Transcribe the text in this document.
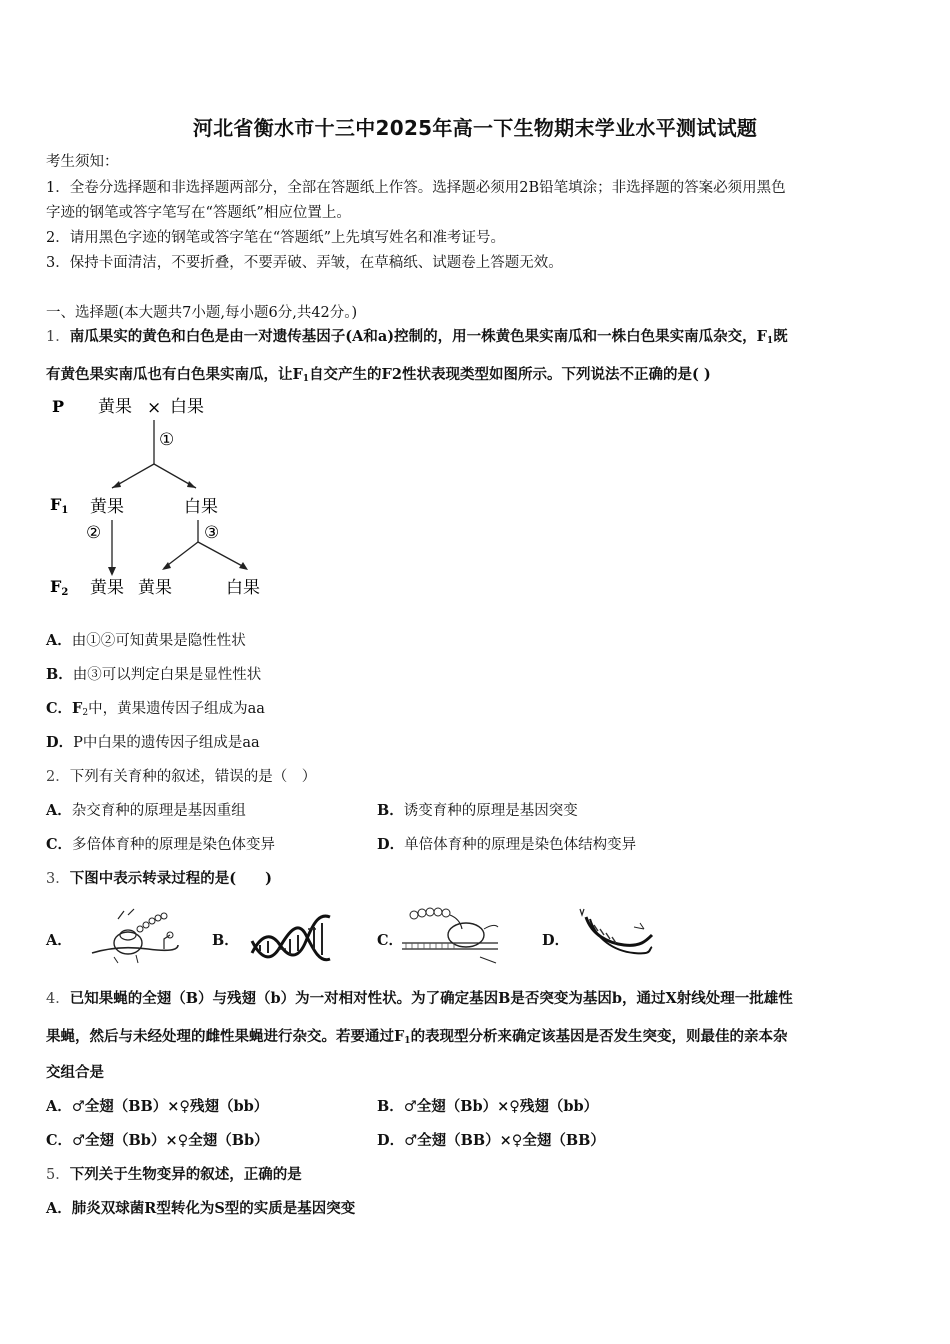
河北省衡水市十三中2025年高一下生物期末学业水平测试试题
考生须知：
1．全卷分选择题和非选择题两部分，全部在答题纸上作答。选择题必须用2B铅笔填涂；非选择题的答案必须用黑色
字迹的钢笔或答字笔写在“答题纸”相应位置上。
2．请用黑色字迹的钢笔或答字笔在“答题纸”上先填写姓名和准考证号。
3．保持卡面清洁，不要折叠，不要弄破、弄皱，在草稿纸、试题卷上答题无效。
一、选择题(本大题共7小题,每小题6分,共42分。)
1．南瓜果实的黄色和白色是由一对遗传基因子(A和a)控制的，用一株黄色果实南瓜和一株白色果实南瓜杂交，$F_1$既
有黄色果实南瓜也有白色果实南瓜，让$F_1$自交产生的F2性状表现类型如图所示。下列说法不正确的是( )
P 黄果 × 白果
①
F1 黄果	白果
②	③
F2 黄果 黄果	白果
A．由①②可知黄果是隐性性状
B．由③可以判定白果是显性性状
C．$F_2$中，黄果遗传因子组成为aa
D．P中白果的遗传因子组成是aa
2．下列有关育种的叙述，错误的是（　）
A．杂交育种的原理是基因重组	B．诱变育种的原理是基因突变
C．多倍体育种的原理是染色体变异	D．单倍体育种的原理是染色体结构变异
3．下图中表示转录过程的是(　　)
A．	B．	C．	D．
4．已知果蝇的全翅（B）与残翅（b）为一对相对性状。为了确定基因B是否突变为基因b，通过X射线处理一批雄性
果蝇，然后与未经处理的雌性果蝇进行杂交。若要通过$F_1$的表现型分析来确定该基因是否发生突变，则最佳的亲本杂
交组合是
A．♂全翅（BB）×♀残翅（bb）	B．♂全翅（Bb）×♀残翅（bb）
C．♂全翅（Bb）×♀全翅（Bb）	D．♂全翅（BB）×♀全翅（BB）
5．下列关于生物变异的叙述，正确的是
A．肺炎双球菌R型转化为S型的实质是基因突变
